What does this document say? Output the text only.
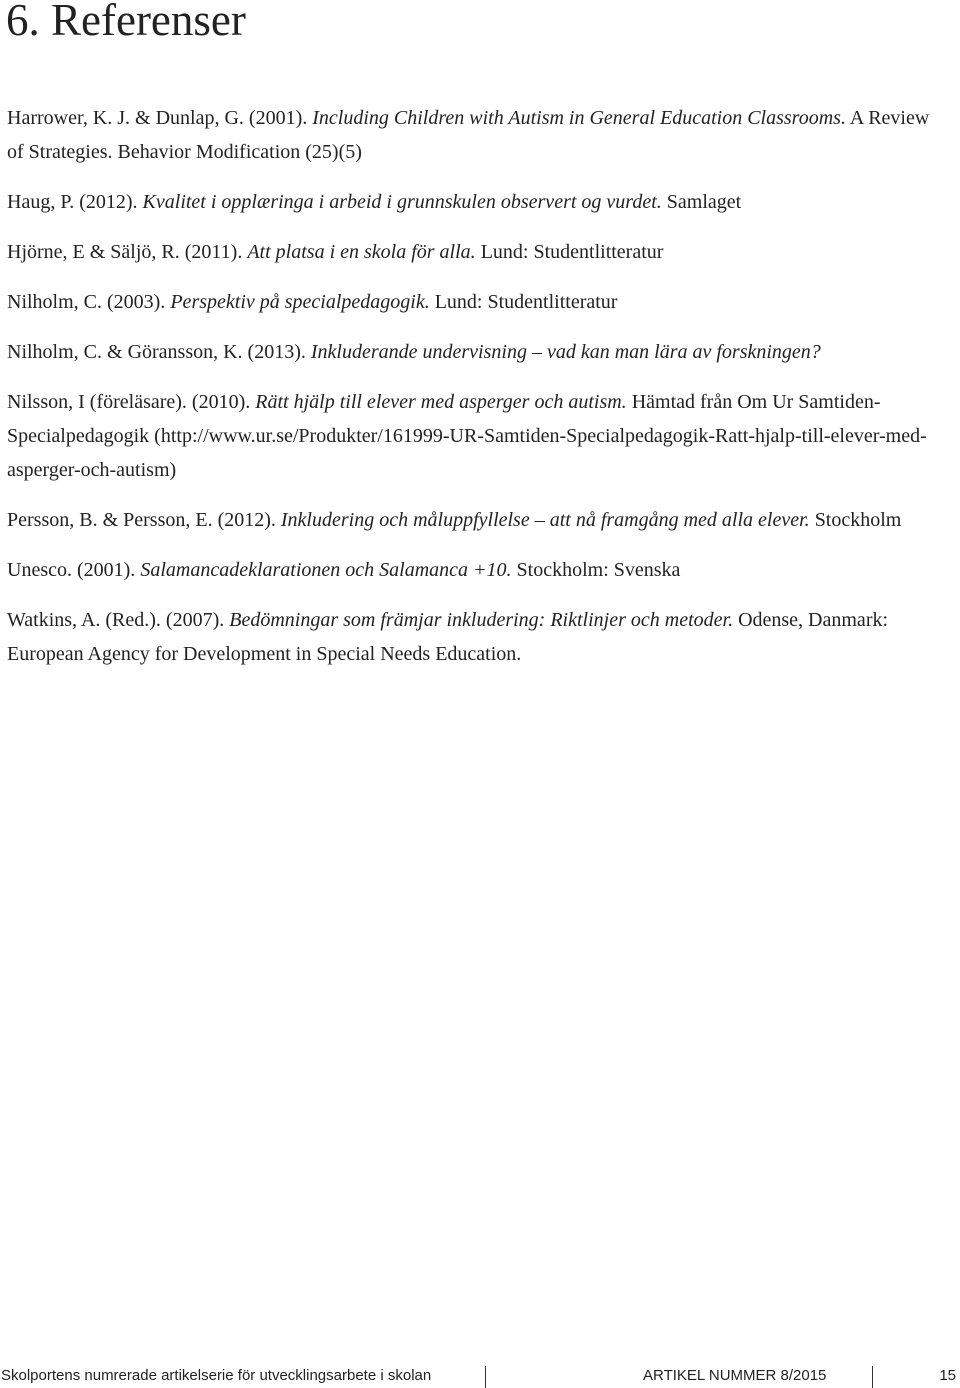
6. Referenser
Harrower, K. J. & Dunlap, G. (2001). Including Children with Autism in General Education Classrooms. A Review of Strategies. Behavior Modification (25)(5)
Haug, P. (2012). Kvalitet i opplæringa i arbeid i grunnskulen observert og vurdet. Samlaget
Hjörne, E & Säljö, R. (2011). Att platsa i en skola för alla. Lund: Studentlitteratur
Nilholm, C. (2003). Perspektiv på specialpedagogik. Lund: Studentlitteratur
Nilholm, C. & Göransson, K. (2013). Inkluderande undervisning – vad kan man lära av forskningen?
Nilsson, I (föreläsare). (2010). Rätt hjälp till elever med asperger och autism. Hämtad från Om Ur Samtiden-Specialpedagogik (http://www.ur.se/Produkter/161999-UR-Samtiden-Specialpedagogik-Ratt-hjalp-till-elever-med-asperger-och-autism)
Persson, B. & Persson, E. (2012). Inkludering och måluppfyllelse – att nå framgång med alla elever. Stockholm
Unesco. (2001). Salamancadeklarationen och Salamanca +10. Stockholm: Svenska
Watkins, A. (Red.). (2007). Bedömningar som främjar inkludering: Riktlinjer och metoder. Odense, Danmark: European Agency for Development in Special Needs Education.
Skolportens numrerade artikelserie för utvecklingsarbete i skolan	ARTIKEL NUMMER 8/2015	15
